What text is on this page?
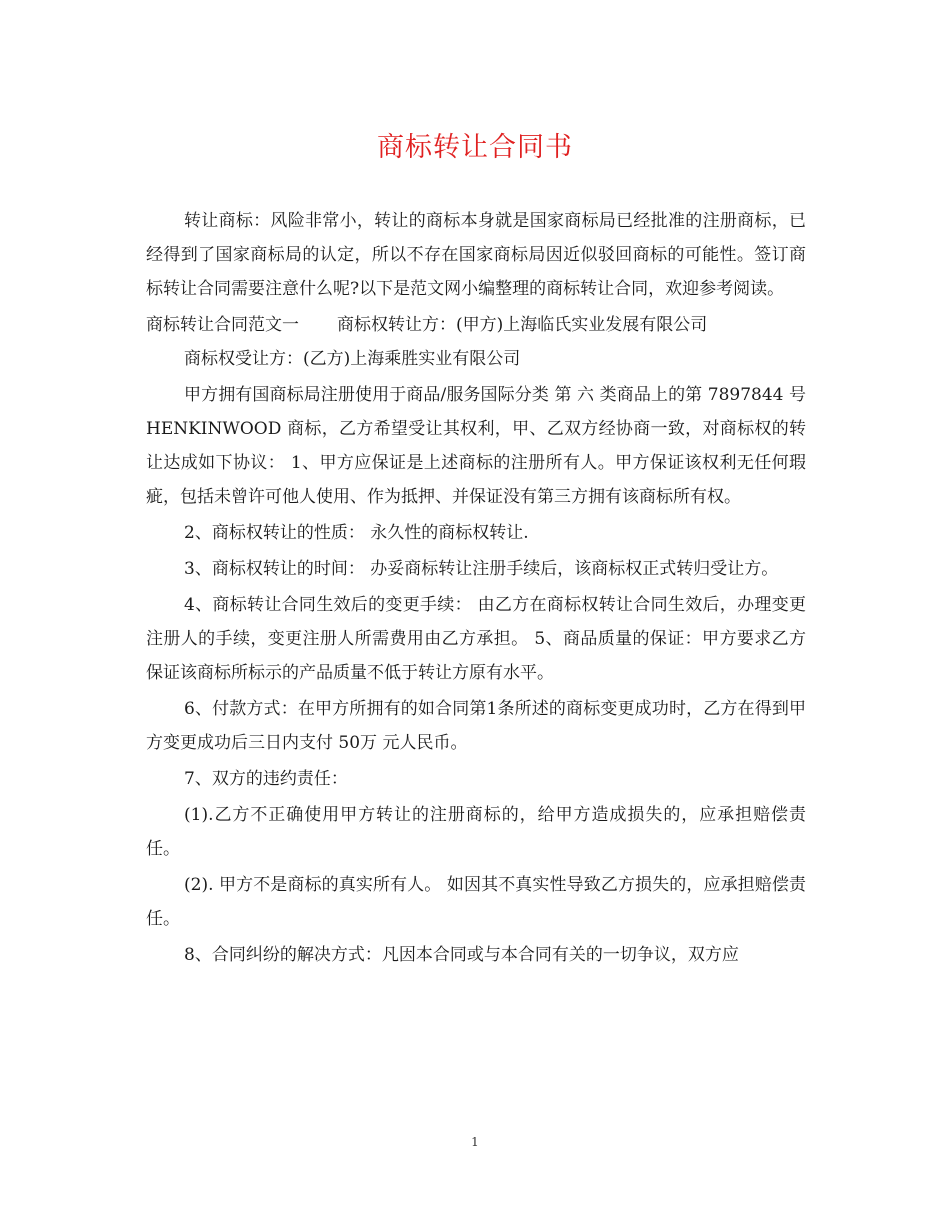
商标转让合同书

转让商标：风险非常小，转让的商标本身就是国家商标局已经批准的注册商标，已经得到了国家商标局的认定，所以不存在国家商标局因近似驳回商标的可能性。签订商标转让合同需要注意什么呢?以下是范文网小编整理的商标转让合同，欢迎参考阅读。

商标转让合同范文一 商标权转让方：(甲方)上海临氏实业发展有限公司

商标权受让方：(乙方)上海乘胜实业有限公司

甲方拥有国商标局注册使用于商品/服务国际分类 第 六 类商品上的第 7897844 号HENKINWOOD 商标，乙方希望受让其权利，甲、乙双方经协商一致，对商标权的转让达成如下协议： 1、甲方应保证是上述商标的注册所有人。甲方保证该权利无任何瑕疵，包括未曾许可他人使用、作为抵押、并保证没有第三方拥有该商标所有权。

2、商标权转让的性质： 永久性的商标权转让.

3、商标权转让的时间： 办妥商标转让注册手续后，该商标权正式转归受让方。

4、商标转让合同生效后的变更手续： 由乙方在商标权转让合同生效后，办理变更注册人的手续，变更注册人所需费用由乙方承担。 5、商品质量的保证：甲方要求乙方保证该商标所标示的产品质量不低于转让方原有水平。

6、付款方式：在甲方所拥有的如合同第1条所述的商标变更成功时，乙方在得到甲方变更成功后三日内支付 50万 元人民币。

7、双方的违约责任：

(1).乙方不正确使用甲方转让的注册商标的，给甲方造成损失的，应承担赔偿责任。

(2). 甲方不是商标的真实所有人。 如因其不真实性导致乙方损失的，应承担赔偿责任。

8、合同纠纷的解决方式：凡因本合同或与本合同有关的一切争议，双方应

1
